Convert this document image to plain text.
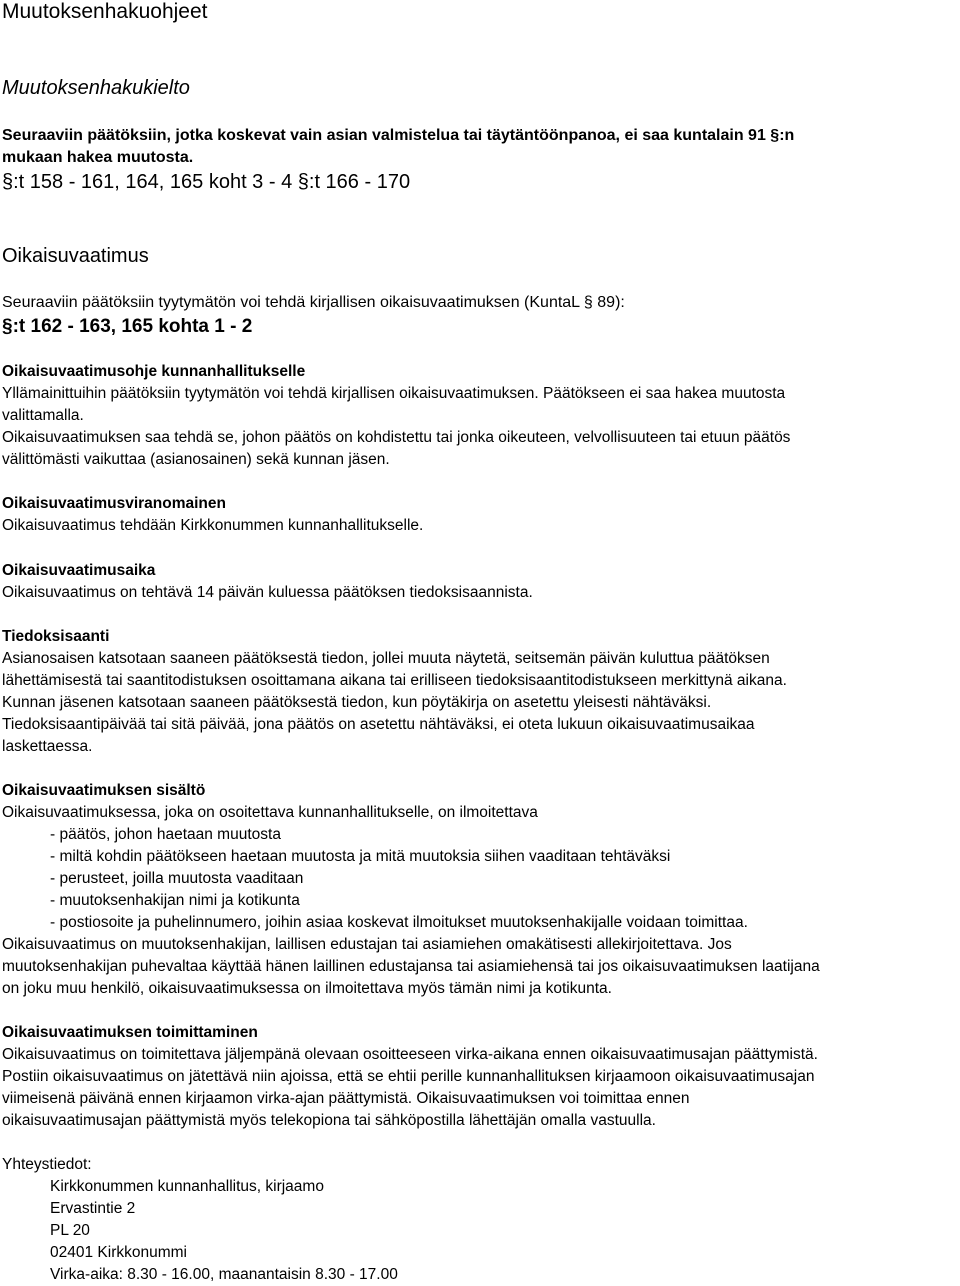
Muutoksenhakuohjeet
Muutoksenhakukielto
Seuraaviin päätöksiin, jotka koskevat vain asian valmistelua tai täytäntöönpanoa, ei saa kuntalain 91 §:n
mukaan hakea muutosta.
§:t 158 - 161, 164, 165 koht 3 - 4 §:t 166 - 170
Oikaisuvaatimus
Seuraaviin päätöksiin tyytymätön voi tehdä kirjallisen oikaisuvaatimuksen (KuntaL § 89):
§:t 162 - 163, 165 kohta 1 - 2
Oikaisuvaatimusohje kunnanhallitukselle
Yllämainittuihin päätöksiin tyytymätön voi tehdä kirjallisen oikaisuvaatimuksen. Päätökseen ei saa hakea muutosta
valittamalla.
Oikaisuvaatimuksen saa tehdä se, johon päätös on kohdistettu tai jonka oikeuteen, velvollisuuteen tai etuun päätös
välittömästi vaikuttaa (asianosainen) sekä kunnan jäsen.
Oikaisuvaatimusviranomainen
Oikaisuvaatimus tehdään Kirkkonummen kunnanhallitukselle.
Oikaisuvaatimusaika
Oikaisuvaatimus on tehtävä 14 päivän kuluessa päätöksen tiedoksisaannista.
Tiedoksisaanti
Asianosaisen katsotaan saaneen päätöksestä tiedon, jollei muuta näytetä, seitsemän päivän kuluttua päätöksen
lähettämisestä tai saantitodistuksen osoittamana aikana tai erilliseen tiedoksisaantitodistukseen merkittynä aikana.
Kunnan jäsenen katsotaan saaneen päätöksestä tiedon, kun pöytäkirja on asetettu yleisesti nähtäväksi.
Tiedoksisaantipäivää tai sitä päivää, jona päätös on asetettu nähtäväksi, ei oteta lukuun oikaisuvaatimusaikaa
laskettaessa.
Oikaisuvaatimuksen sisältö
Oikaisuvaatimuksessa, joka on osoitettava kunnanhallitukselle, on ilmoitettava
- päätös, johon haetaan muutosta
- miltä kohdin päätökseen haetaan muutosta ja mitä muutoksia siihen vaaditaan tehtäväksi
- perusteet, joilla muutosta vaaditaan
- muutoksenhakijan nimi ja kotikunta
- postiosoite ja puhelinnumero, joihin asiaa koskevat ilmoitukset muutoksenhakijalle voidaan toimittaa.
Oikaisuvaatimus on muutoksenhakijan, laillisen edustajan tai asiamiehen omakätisesti allekirjoitettava. Jos
muutoksenhakijan puhevaltaa käyttää hänen laillinen edustajansa tai asiamiehensä tai jos oikaisuvaatimuksen laatijana
on joku muu henkilö, oikaisuvaatimuksessa on ilmoitettava myös tämän nimi ja kotikunta.
Oikaisuvaatimuksen toimittaminen
Oikaisuvaatimus on toimitettava jäljempänä olevaan osoitteeseen virka-aikana ennen oikaisuvaatimusajan päättymistä.
Postiin oikaisuvaatimus on jätettävä niin ajoissa, että se ehtii perille kunnanhallituksen kirjaamoon oikaisuvaatimusajan
viimeisenä päivänä ennen kirjaamon virka-ajan päättymistä. Oikaisuvaatimuksen voi toimittaa ennen
oikaisuvaatimusajan päättymistä myös telekopiona tai sähköpostilla lähettäjän omalla vastuulla.
Yhteystiedot:
Kirkkonummen kunnanhallitus, kirjaamo
Ervastintie 2
PL 20
02401 Kirkkonummi
Virka-aika: 8.30 - 16.00, maanantaisin 8.30 - 17.00
